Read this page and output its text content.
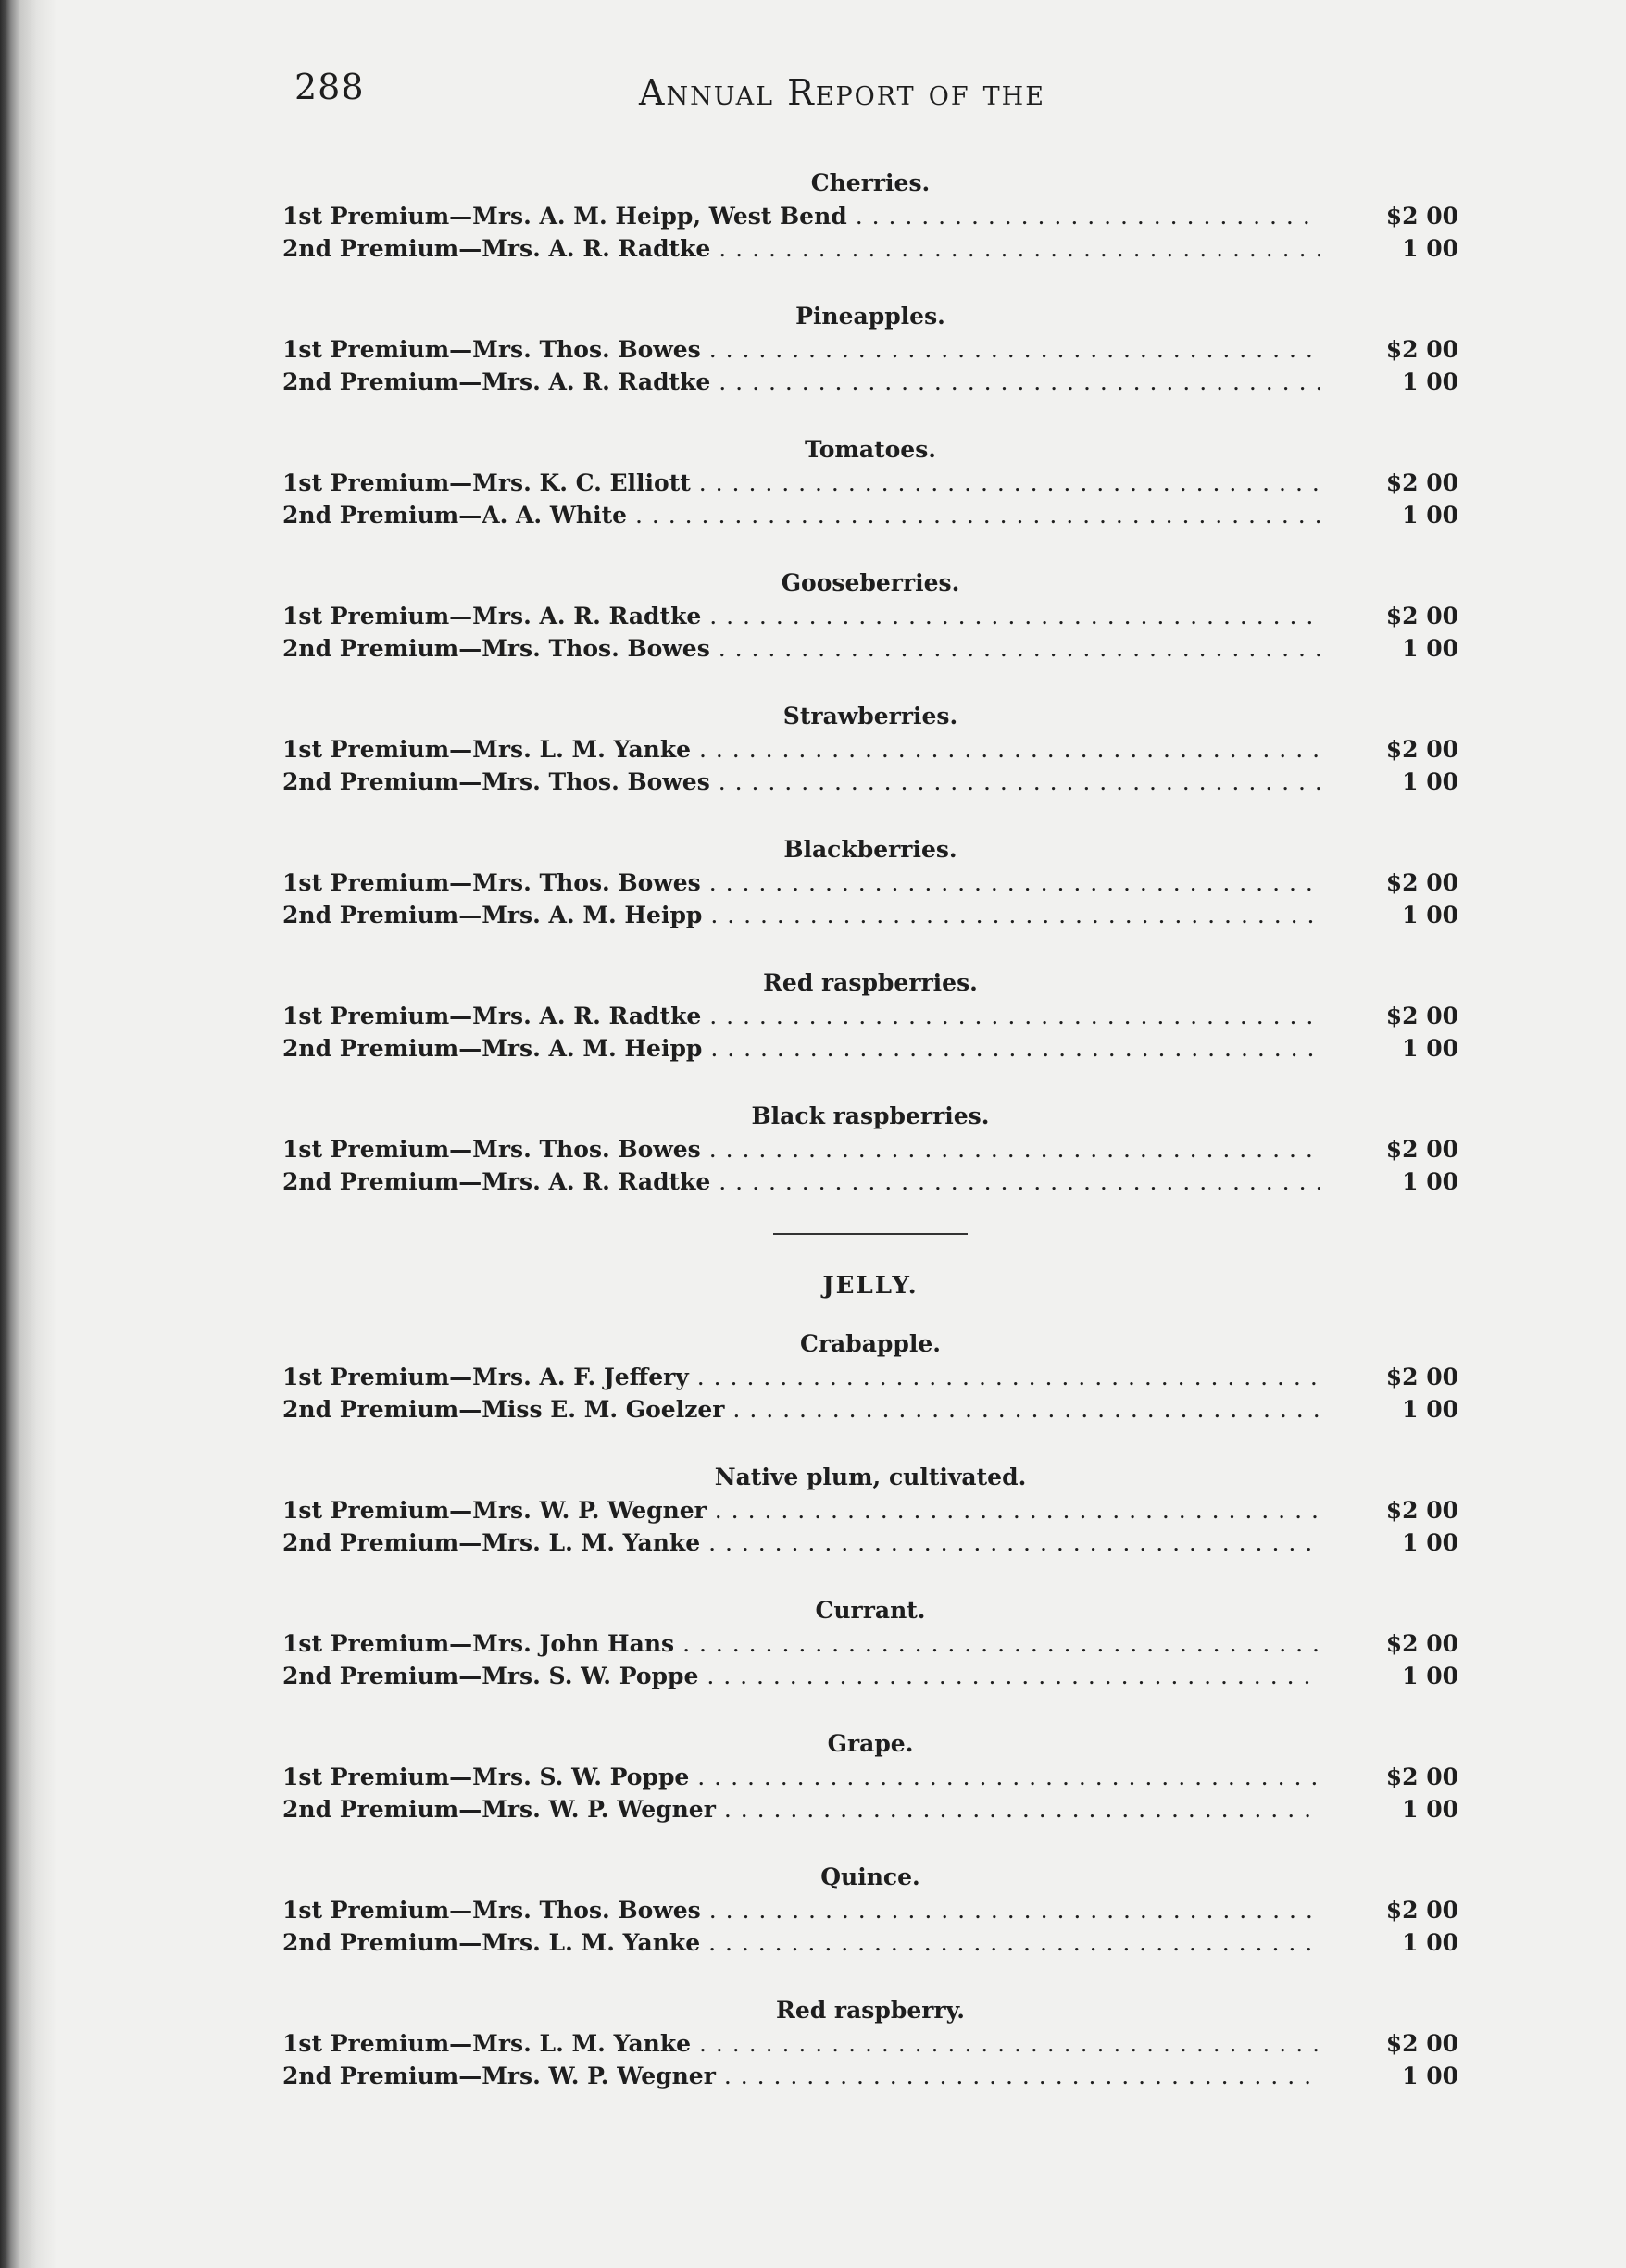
288	Annual Report of the
Cherries.
1st Premium—Mrs. A. M. Heipp, West Bend . . .	$2 00
2nd Premium—Mrs. A. R. Radtke . . .	1 00
Pineapples.
1st Premium—Mrs. Thos. Bowes . . .	$2 00
2nd Premium—Mrs. A. R. Radtke . . .	1 00
Tomatoes.
1st Premium—Mrs. K. C. Elliott . . .	$2 00
2nd Premium—A. A. White . . .	1 00
Gooseberries.
1st Premium—Mrs. A. R. Radtke . . .	$2 00
2nd Premium—Mrs. Thos. Bowes . . .	1 00
Strawberries.
1st Premium—Mrs. L. M. Yanke . . .	$2 00
2nd Premium—Mrs. Thos. Bowes . . .	1 00
Blackberries.
1st Premium—Mrs. Thos. Bowes . . .	$2 00
2nd Premium—Mrs. A. M. Heipp . . .	1 00
Red raspberries.
1st Premium—Mrs. A. R. Radtke . . .	$2 00
2nd Premium—Mrs. A. M. Heipp . . .	1 00
Black raspberries.
1st Premium—Mrs. Thos. Bowes . . .	$2 00
2nd Premium—Mrs. A. R. Radtke . . .	1 00
JELLY.
Crabapple.
1st Premium—Mrs. A. F. Jeffery . . .	$2 00
2nd Premium—Miss E. M. Goelzer . . .	1 00
Native plum, cultivated.
1st Premium—Mrs. W. P. Wegner . . .	$2 00
2nd Premium—Mrs. L. M. Yanke . . .	1 00
Currant.
1st Premium—Mrs. John Hans . . .	$2 00
2nd Premium—Mrs. S. W. Poppe . . .	1 00
Grape.
1st Premium—Mrs. S. W. Poppe . . .	$2 00
2nd Premium—Mrs. W. P. Wegner . . .	1 00
Quince.
1st Premium—Mrs. Thos. Bowes . . .	$2 00
2nd Premium—Mrs. L. M. Yanke . . .	1 00
Red raspberry.
1st Premium—Mrs. L. M. Yanke . . .	$2 00
2nd Premium—Mrs. W. P. Wegner . . .	1 00
